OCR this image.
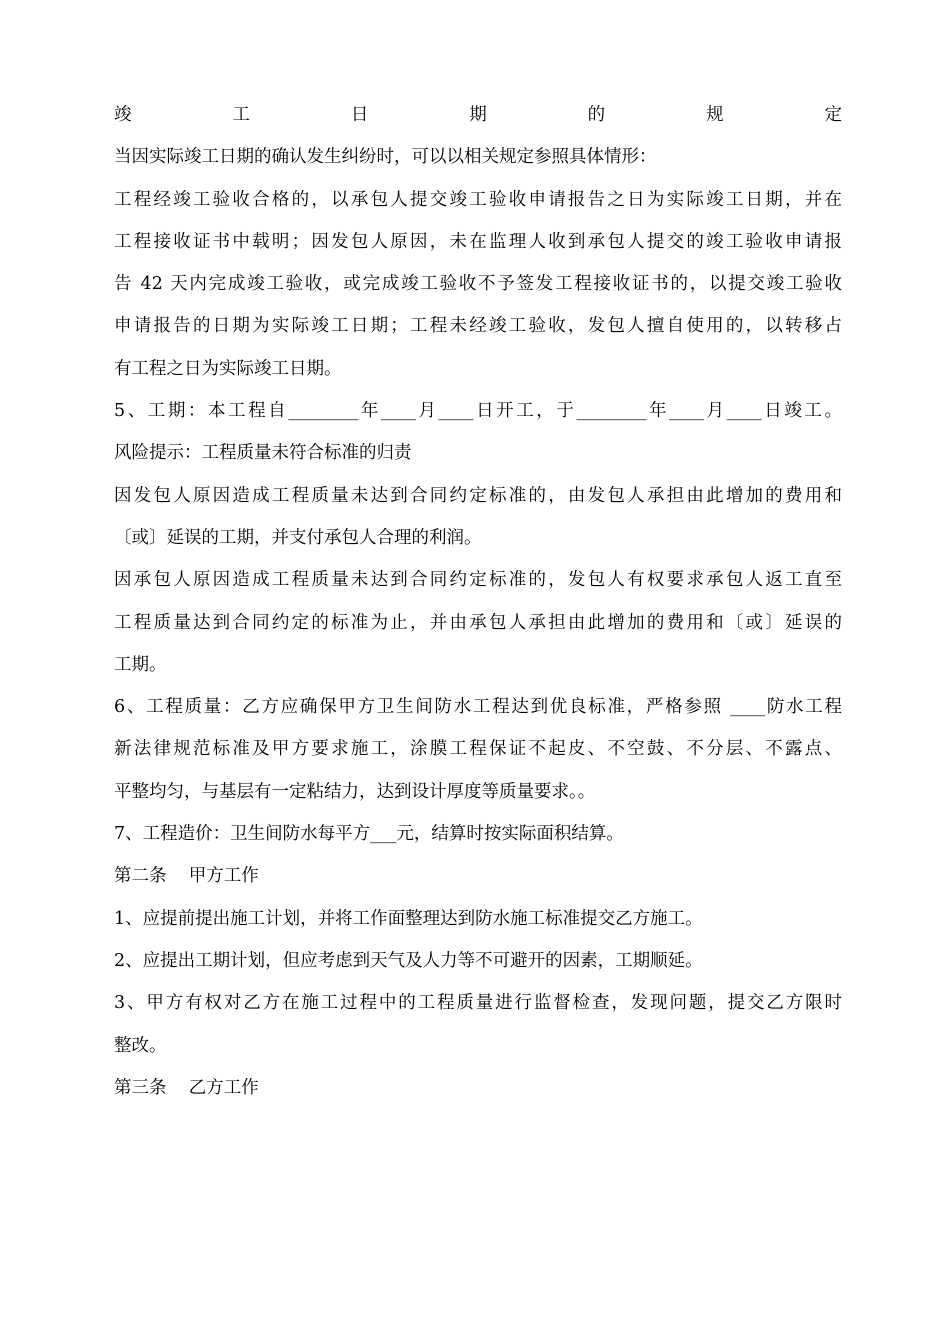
竣工日期的规定
当因实际竣工日期的确认发生纠纷时，可以以相关规定参照具体情形：
工程经竣工验收合格的，以承包人提交竣工验收申请报告之日为实际竣工日期，并在
工程接收证书中载明；因发包人原因，未在监理人收到承包人提交的竣工验收申请报
告 42 天内完成竣工验收，或完成竣工验收不予签发工程接收证书的，以提交竣工验收
申请报告的日期为实际竣工日期；工程未经竣工验收，发包人擅自使用的，以转移占
有工程之日为实际竣工日期。
5、工期：本工程自________年____月____日开工，于________年____月____日竣工。
风险提示：工程质量未符合标准的归责
因发包人原因造成工程质量未达到合同约定标准的，由发包人承担由此增加的费用和
〔或〕延误的工期，并支付承包人合理的利润。
因承包人原因造成工程质量未达到合同约定标准的，发包人有权要求承包人返工直至
工程质量达到合同约定的标准为止，并由承包人承担由此增加的费用和〔或〕延误的
工期。
6、工程质量：乙方应确保甲方卫生间防水工程达到优良标准，严格参照 ____防水工程
新法律规范标准及甲方要求施工，涂膜工程保证不起皮、不空鼓、不分层、不露点、
平整均匀，与基层有一定粘结力，达到设计厚度等质量要求。。
7、工程造价：卫生间防水每平方___元，结算时按实际面积结算。
第二条    甲方工作
1、应提前提出施工计划，并将工作面整理达到防水施工标准提交乙方施工。
2、应提出工期计划，但应考虑到天气及人力等不可避开的因素，工期顺延。
3、甲方有权对乙方在施工过程中的工程质量进行监督检查，发现问题，提交乙方限时
整改。
第三条    乙方工作
